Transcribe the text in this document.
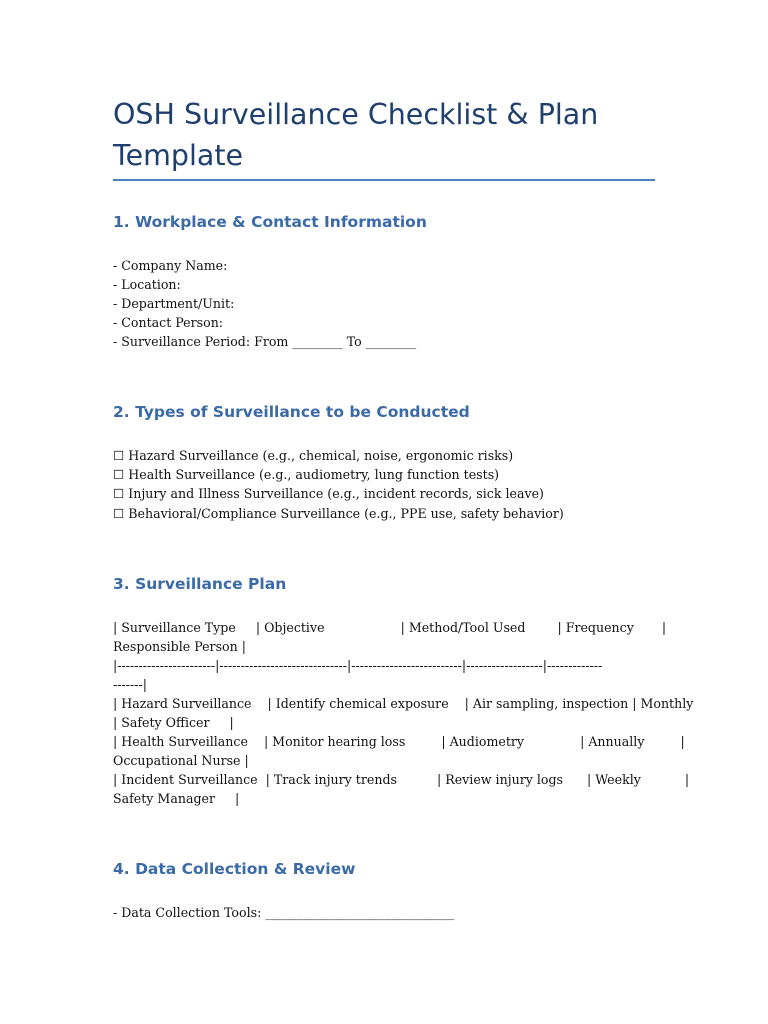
OSH Surveillance Checklist & Plan Template
1. Workplace & Contact Information
- Company Name:
- Location:
- Department/Unit:
- Contact Person:
- Surveillance Period: From ________ To ________
2. Types of Surveillance to be Conducted
☐ Hazard Surveillance (e.g., chemical, noise, ergonomic risks)
☐ Health Surveillance (e.g., audiometry, lung function tests)
☐ Injury and Illness Surveillance (e.g., incident records, sick leave)
☐ Behavioral/Compliance Surveillance (e.g., PPE use, safety behavior)
3. Surveillance Plan
| Surveillance Type     | Objective                   | Method/Tool Used        | Frequency       |
Responsible Person |
|-----------------------|------------------------------|--------------------------|------------------|-------------
-------|
| Hazard Surveillance    | Identify chemical exposure    | Air sampling, inspection | Monthly
| Safety Officer     |
| Health Surveillance    | Monitor hearing loss         | Audiometry              | Annually         |
Occupational Nurse |
| Incident Surveillance  | Track injury trends          | Review injury logs      | Weekly           |
Safety Manager     |
4. Data Collection & Review
- Data Collection Tools: ______________________________
